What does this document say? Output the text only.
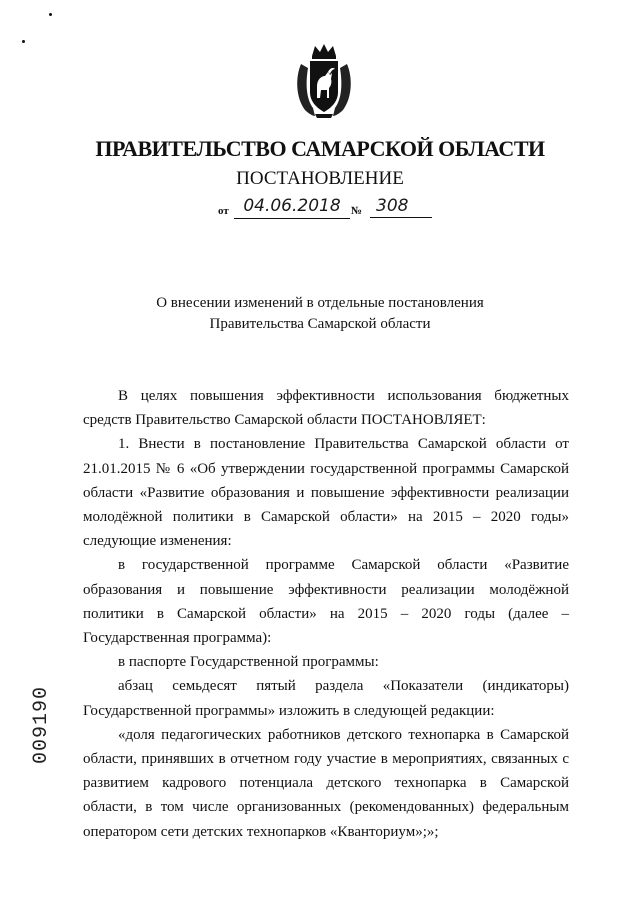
ПРАВИТЕЛЬСТВО САМАРСКОЙ ОБЛАСТИ
ПОСТАНОВЛЕНИЕ
от 04.06.2018 № 308
О внесении изменений в отдельные постановления
Правительства Самарской области

В целях повышения эффективности использования бюджетных средств Правительство Самарской области ПОСТАНОВЛЯЕТ:

1. Внести в постановление Правительства Самарской области от 21.01.2015 № 6 «Об утверждении государственной программы Самарской области «Развитие образования и повышение эффективности реализации молодёжной политики в Самарской области» на 2015 – 2020 годы» следующие изменения:

в государственной программе Самарской области «Развитие образования и повышение эффективности реализации молодёжной политики в Самарской области» на 2015 – 2020 годы (далее – Государственная программа):

в паспорте Государственной программы:

абзац семьдесят пятый раздела «Показатели (индикаторы) Государственной программы» изложить в следующей редакции:

«доля педагогических работников детского технопарка в Самарской области, принявших в отчетном году участие в мероприятиях, связанных с развитием кадрового потенциала детского технопарка в Самарской области, в том числе организованных (рекомендованных) федеральным оператором сети детских технопарков «Кванториум»;»;

009190
